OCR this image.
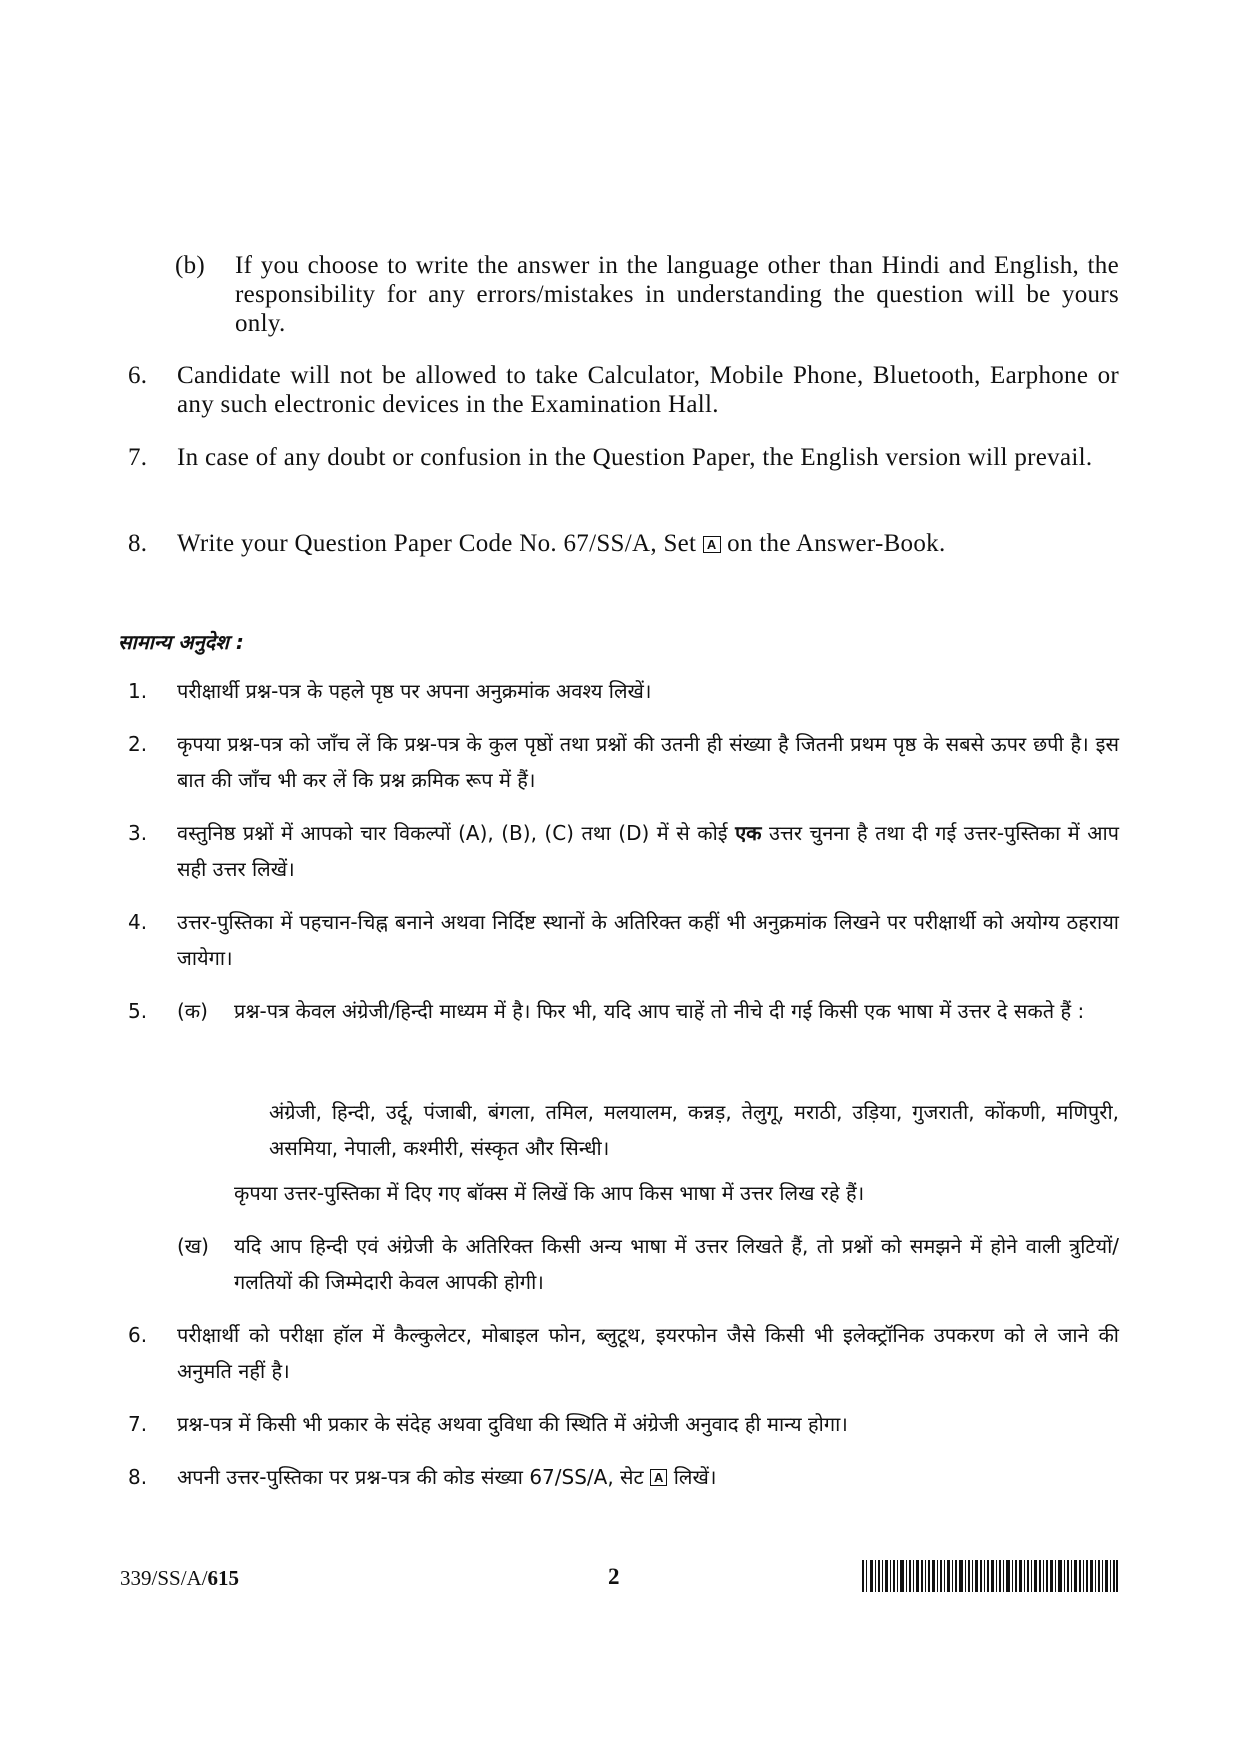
(b)	If you choose to write the answer in the language other than Hindi and English, the responsibility for any errors/mistakes in understanding the question will be yours only.
6.	Candidate will not be allowed to take Calculator, Mobile Phone, Bluetooth, Earphone or any such electronic devices in the Examination Hall.
7.	In case of any doubt or confusion in the Question Paper, the English version will prevail.
8.	Write your Question Paper Code No. 67/SS/A, Set A on the Answer-Book.
सामान्य अनुदेश :
1.	परीक्षार्थी प्रश्न-पत्र के पहले पृष्ठ पर अपना अनुक्रमांक अवश्य लिखें।
2.	कृपया प्रश्न-पत्र को जाँच लें कि प्रश्न-पत्र के कुल पृष्ठों तथा प्रश्नों की उतनी ही संख्या है जितनी प्रथम पृष्ठ के सबसे ऊपर छपी है। इस बात की जाँच भी कर लें कि प्रश्न क्रमिक रूप में हैं।
3.	वस्तुनिष्ठ प्रश्नों में आपको चार विकल्पों (A), (B), (C) तथा (D) में से कोई एक उत्तर चुनना है तथा दी गई उत्तर-पुस्तिका में आप सही उत्तर लिखें।
4.	उत्तर-पुस्तिका में पहचान-चिह्न बनाने अथवा निर्दिष्ट स्थानों के अतिरिक्त कहीं भी अनुक्रमांक लिखने पर परीक्षार्थी को अयोग्य ठहराया जायेगा।
5.	(क)	प्रश्न-पत्र केवल अंग्रेजी/हिन्दी माध्यम में है। फिर भी, यदि आप चाहें तो नीचे दी गई किसी एक भाषा में उत्तर दे सकते हैं :
अंग्रेजी, हिन्दी, उर्दू, पंजाबी, बंगला, तमिल, मलयालम, कन्नड़, तेलुगू, मराठी, उड़िया, गुजराती, कोंकणी, मणिपुरी, असमिया, नेपाली, कश्मीरी, संस्कृत और सिन्धी।
कृपया उत्तर-पुस्तिका में दिए गए बॉक्स में लिखें कि आप किस भाषा में उत्तर लिख रहे हैं।
(ख)	यदि आप हिन्दी एवं अंग्रेजी के अतिरिक्त किसी अन्य भाषा में उत्तर लिखते हैं, तो प्रश्नों को समझने में होने वाली त्रुटियों/गलतियों की जिम्मेदारी केवल आपकी होगी।
6.	परीक्षार्थी को परीक्षा हॉल में कैल्कुलेटर, मोबाइल फोन, ब्लुटूथ, इयरफोन जैसे किसी भी इलेक्ट्रॉनिक उपकरण को ले जाने की अनुमति नहीं है।
7.	प्रश्न-पत्र में किसी भी प्रकार के संदेह अथवा दुविधा की स्थिति में अंग्रेजी अनुवाद ही मान्य होगा।
8.	अपनी उत्तर-पुस्तिका पर प्रश्न-पत्र की कोड संख्या 67/SS/A, सेट A लिखें।
339/SS/A/615	2
